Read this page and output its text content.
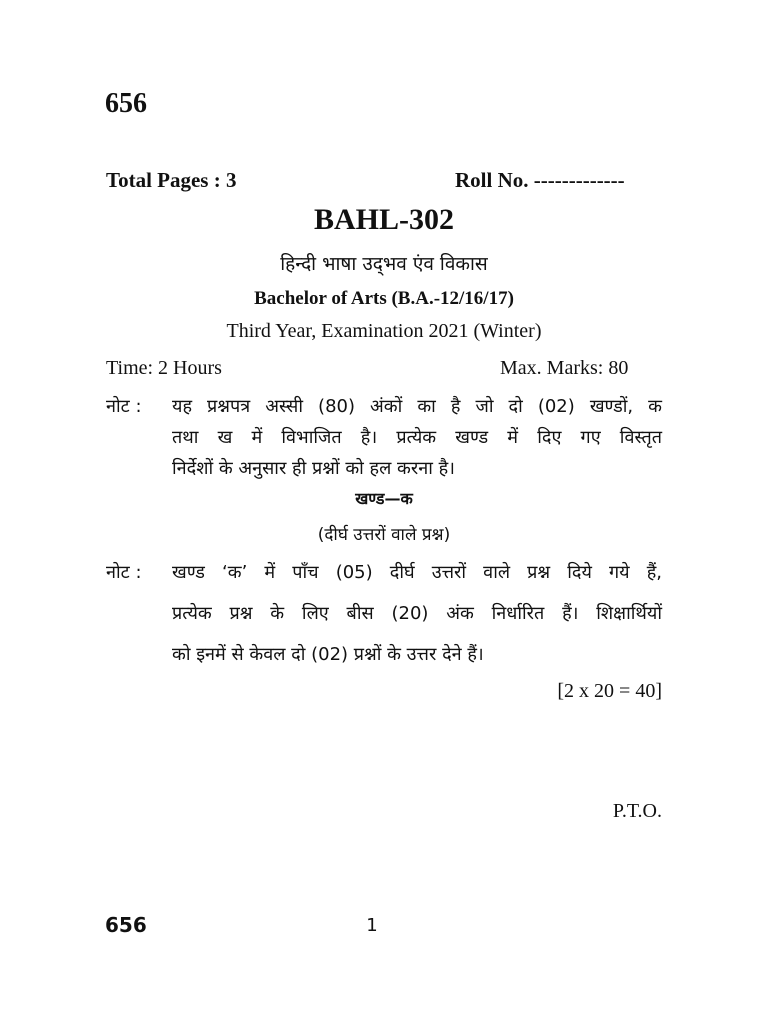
656
Total Pages : 3	Roll No. -------------
BAHL-302
हिन्दी भाषा उद्‌भव एंव विकास
Bachelor of Arts (B.A.-12/16/17)
Third Year, Examination 2021 (Winter)
Time: 2 Hours	Max. Marks: 80
नोट : यह प्रश्नपत्र अस्सी (80) अंकों का है जो दो (02) खण्डों, क
तथा ख में विभाजित है। प्रत्येक खण्ड में दिए गए विस्तृत
निर्देशों के अनुसार ही प्रश्नों को हल करना है।
खण्ड—क
(दीर्घ उत्तरों वाले प्रश्न)
नोट : खण्ड ‘क’ में पाँच (05) दीर्घ उत्तरों वाले प्रश्न दिये गये हैं,
प्रत्येक प्रश्न के लिए बीस (20) अंक निर्धारित हैं। शिक्षार्थियों
को इनमें से केवल दो (02) प्रश्नों के उत्तर देने हैं।
[2 x 20 = 40]
P.T.O.
656	1
